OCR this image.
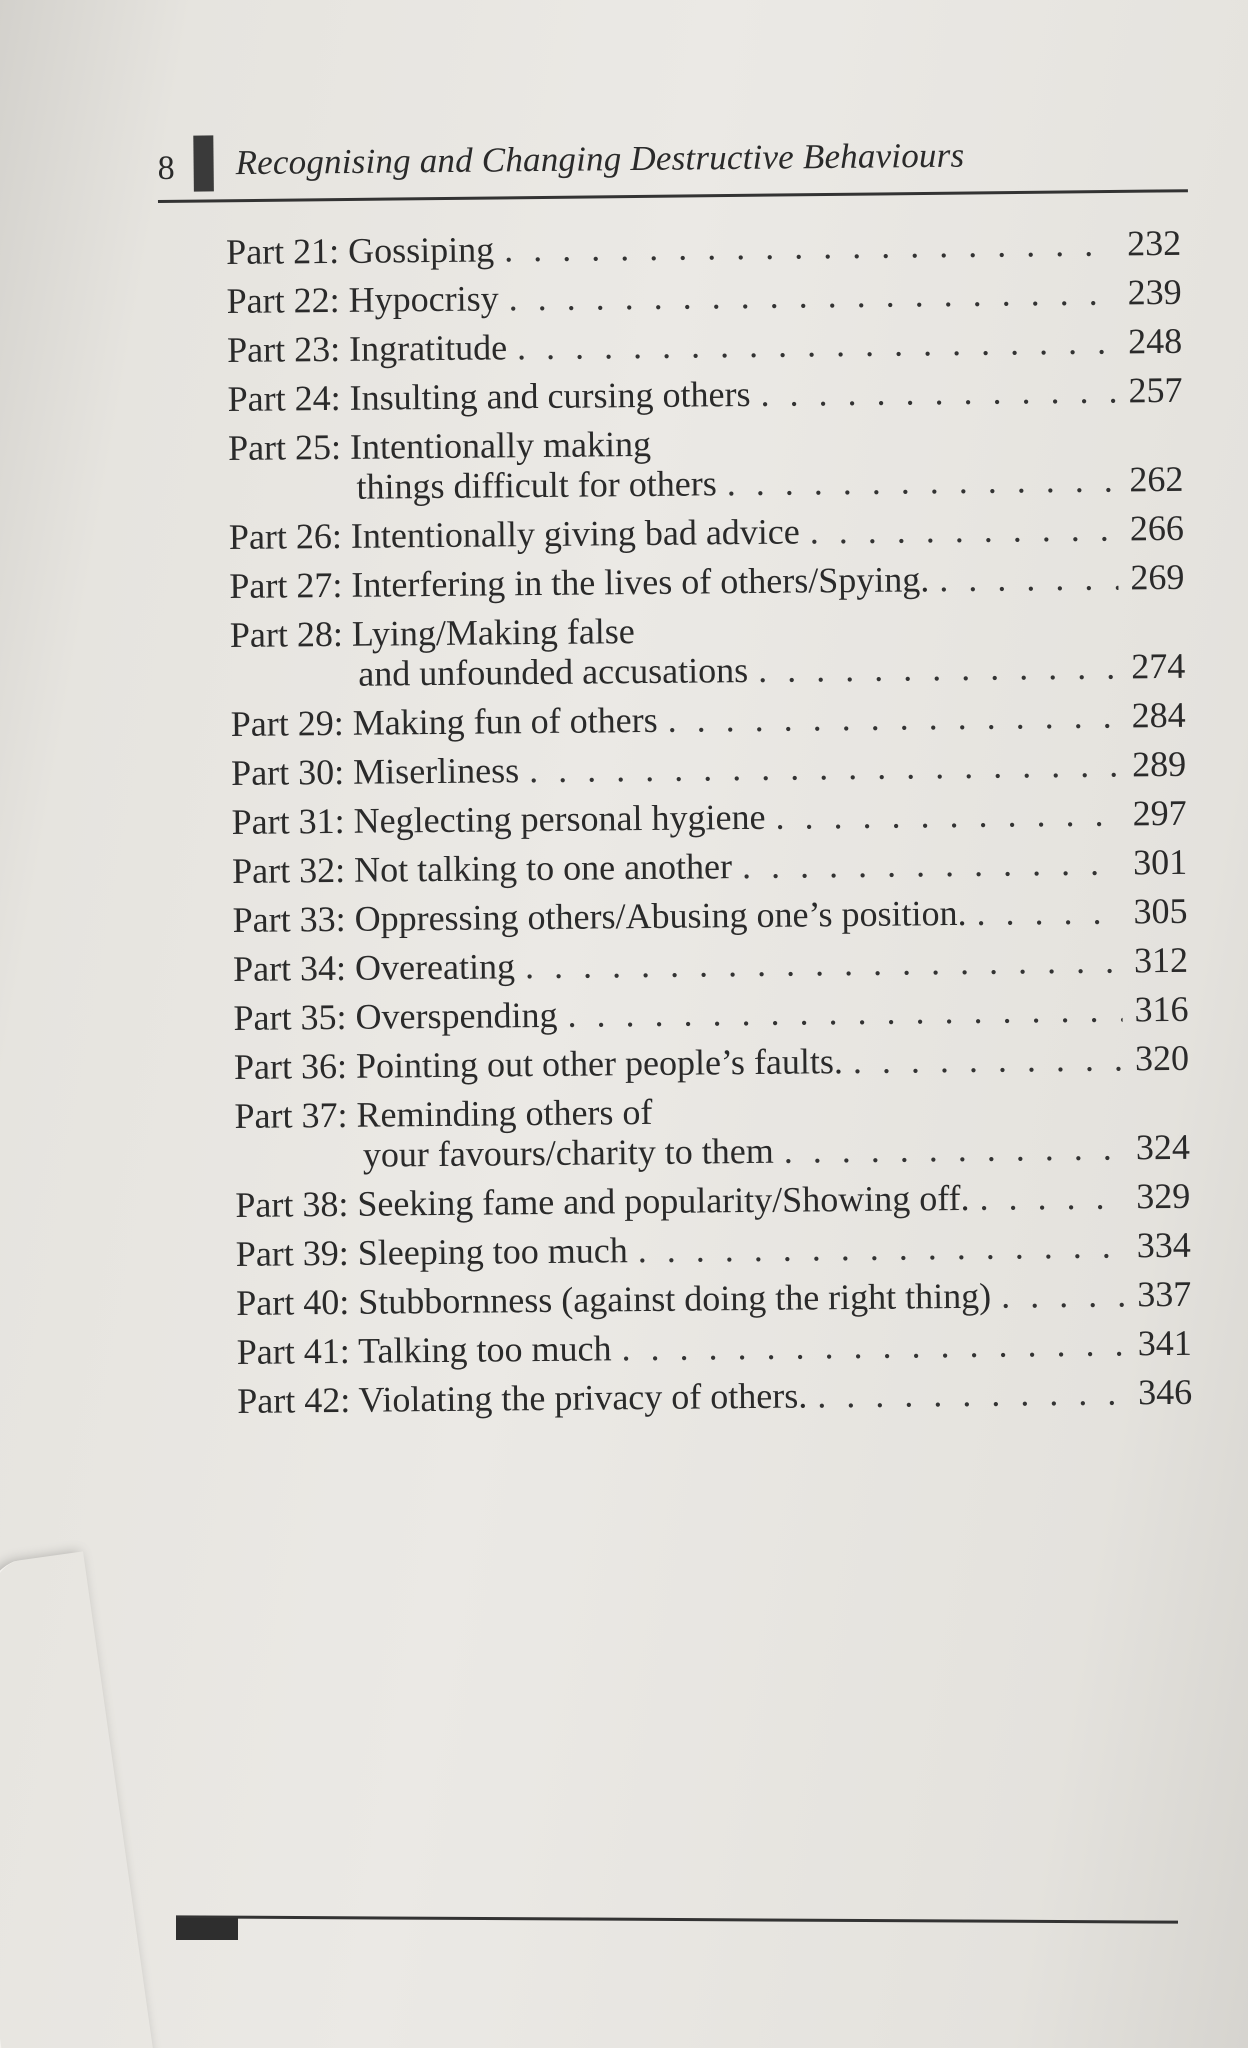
8 Recognising and Changing Destructive Behaviours
Part 21: Gossiping . . .	232
Part 22: Hypocrisy . . .	239
Part 23: Ingratitude . . .	248
Part 24: Insulting and cursing others . . .	257
Part 25: Intentionally making
things difficult for others . . .	262
Part 26: Intentionally giving bad advice . . .	266
Part 27: Interfering in the lives of others/Spying. . . .	269
Part 28: Lying/Making false
and unfounded accusations . . .	274
Part 29: Making fun of others . . .	284
Part 30: Miserliness . . .	289
Part 31: Neglecting personal hygiene . . .	297
Part 32: Not talking to one another . . .	301
Part 33: Oppressing others/Abusing one’s position. . . .	305
Part 34: Overeating . . .	312
Part 35: Overspending . . .	316
Part 36: Pointing out other people’s faults. . . .	320
Part 37: Reminding others of
your favours/charity to them . . .	324
Part 38: Seeking fame and popularity/Showing off. . . .	329
Part 39: Sleeping too much . . .	334
Part 40: Stubbornness (against doing the right thing) . . .	337
Part 41: Talking too much . . .	341
Part 42: Violating the privacy of others. . . .	346
